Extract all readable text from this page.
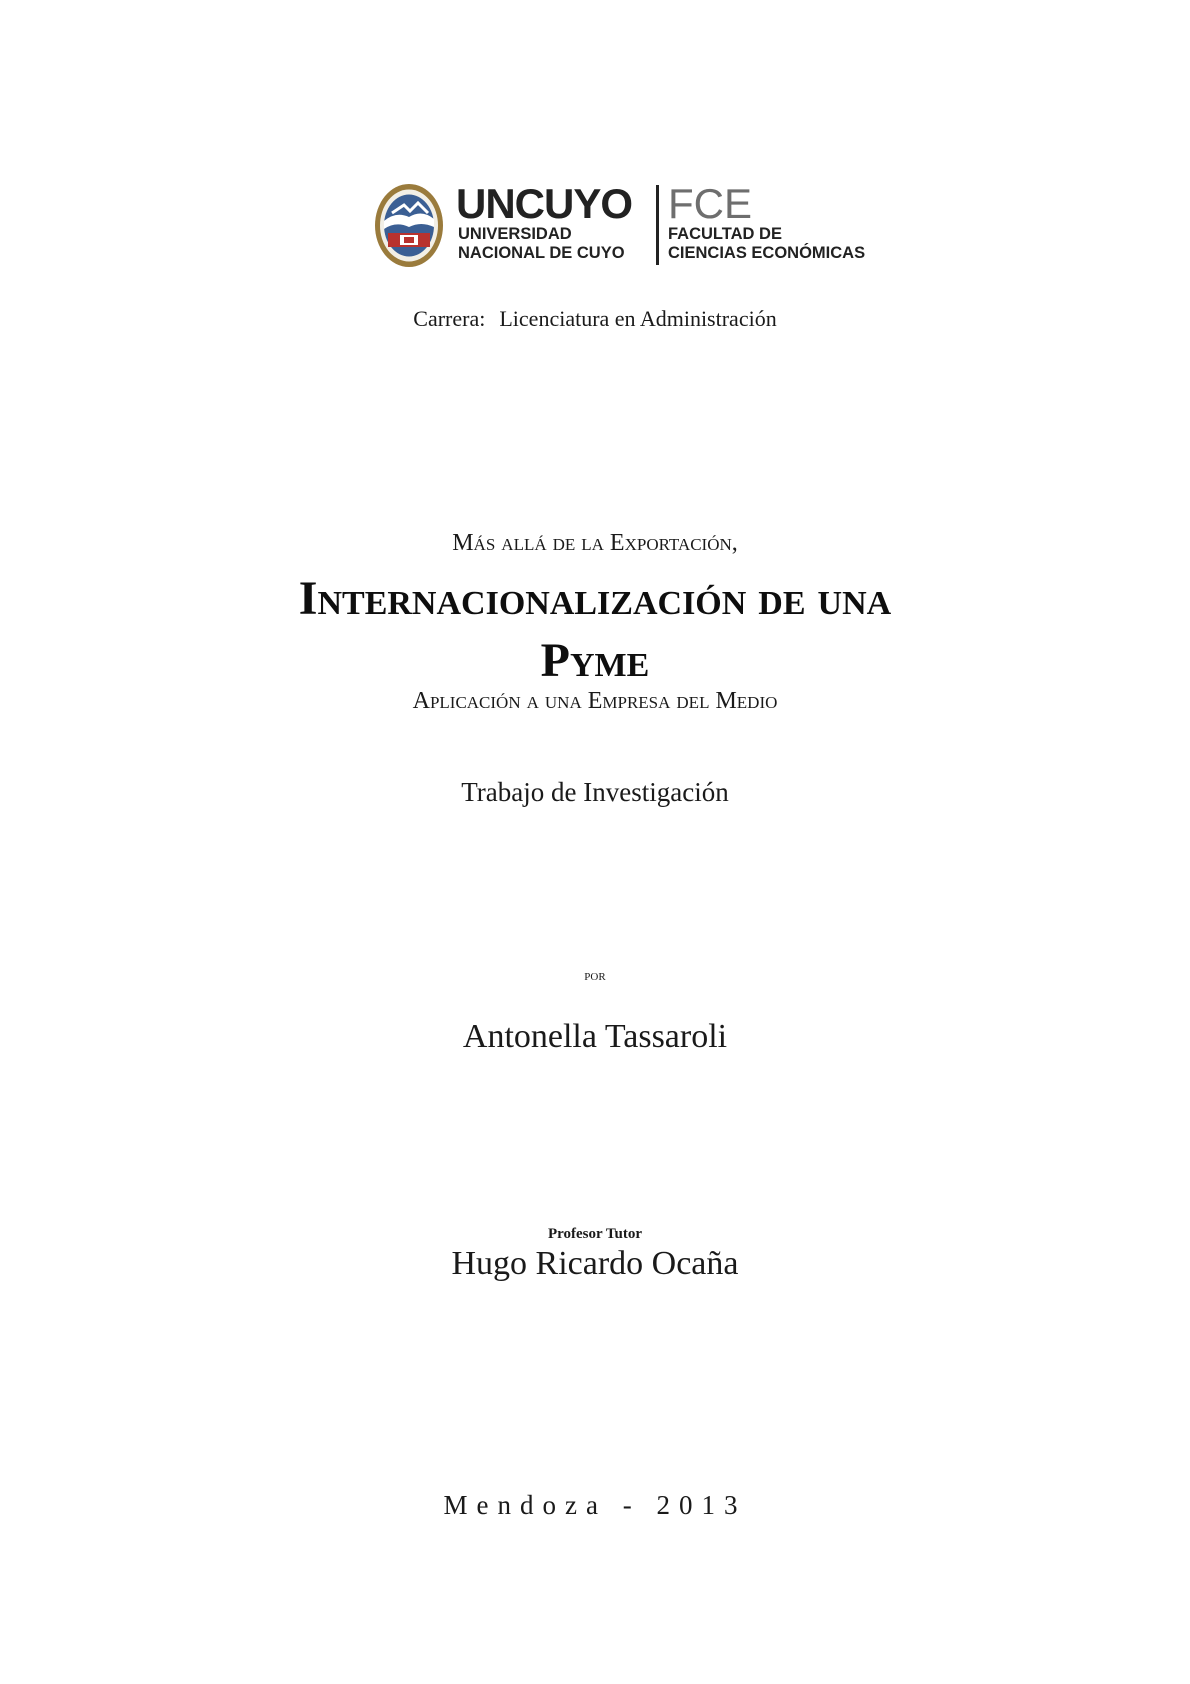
UNCUYO
UNIVERSIDAD
NACIONAL DE CUYO
FCE
FACULTAD DE
CIENCIAS ECONÓMICAS
Carrera: Licenciatura en Administración
Más allá de la Exportación,
Internacionalización de una
Pyme
Aplicación a una Empresa del Medio
Trabajo de Investigación
por
Antonella Tassaroli
Profesor Tutor
Hugo Ricardo Ocaña
Mendoza - 2013
